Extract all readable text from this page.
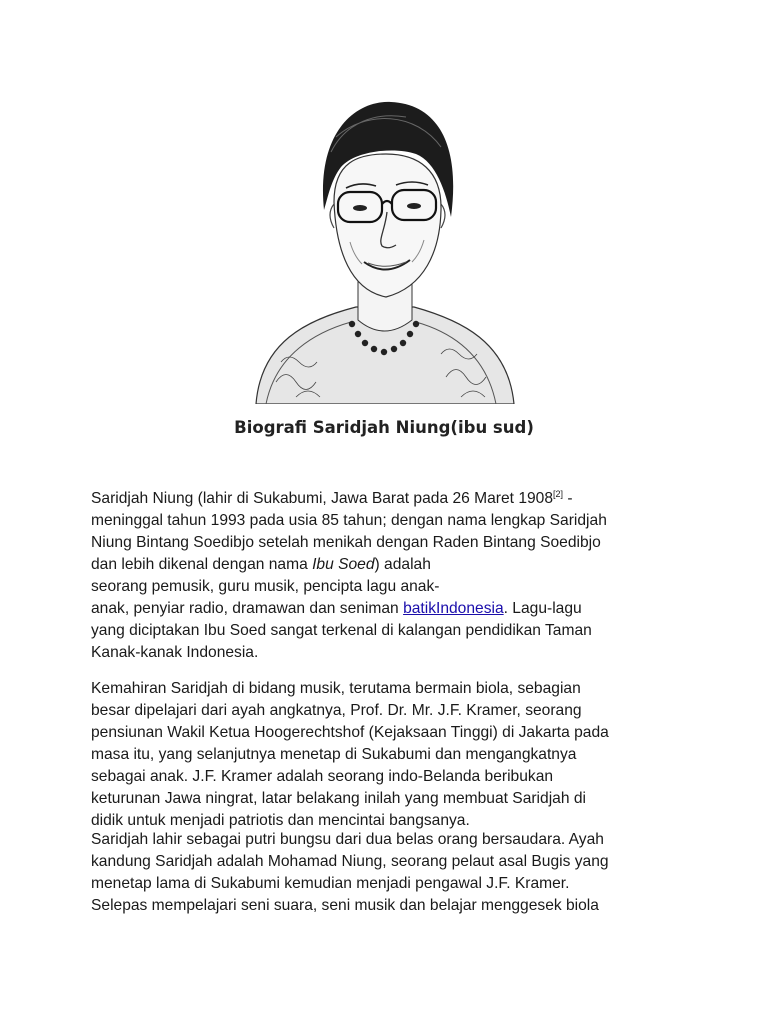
Biografi Saridjah Niung(ibu sud)
Saridjah Niung (lahir di Sukabumi, Jawa Barat pada 26 Maret 1908[2] -
meninggal tahun 1993 pada usia 85 tahun; dengan nama lengkap Saridjah
Niung Bintang Soedibjo setelah menikah dengan Raden Bintang Soedibjo
dan lebih dikenal dengan nama Ibu Soed) adalah
seorang pemusik, guru musik, pencipta lagu anak-
anak, penyiar radio, dramawan dan seniman batikIndonesia. Lagu-lagu
yang diciptakan Ibu Soed sangat terkenal di kalangan pendidikan Taman
Kanak-kanak Indonesia.
Kemahiran Saridjah di bidang musik, terutama bermain biola, sebagian
besar dipelajari dari ayah angkatnya, Prof. Dr. Mr. J.F. Kramer, seorang
pensiunan Wakil Ketua Hoogerechtshof (Kejaksaan Tinggi) di Jakarta pada
masa itu, yang selanjutnya menetap di Sukabumi dan mengangkatnya
sebagai anak. J.F. Kramer adalah seorang indo-Belanda beribukan
keturunan Jawa ningrat, latar belakang inilah yang membuat Saridjah di
didik untuk menjadi patriotis dan mencintai bangsanya.
Saridjah lahir sebagai putri bungsu dari dua belas orang bersaudara. Ayah
kandung Saridjah adalah Mohamad Niung, seorang pelaut asal Bugis yang
menetap lama di Sukabumi kemudian menjadi pengawal J.F. Kramer.
Selepas mempelajari seni suara, seni musik dan belajar menggesek biola
